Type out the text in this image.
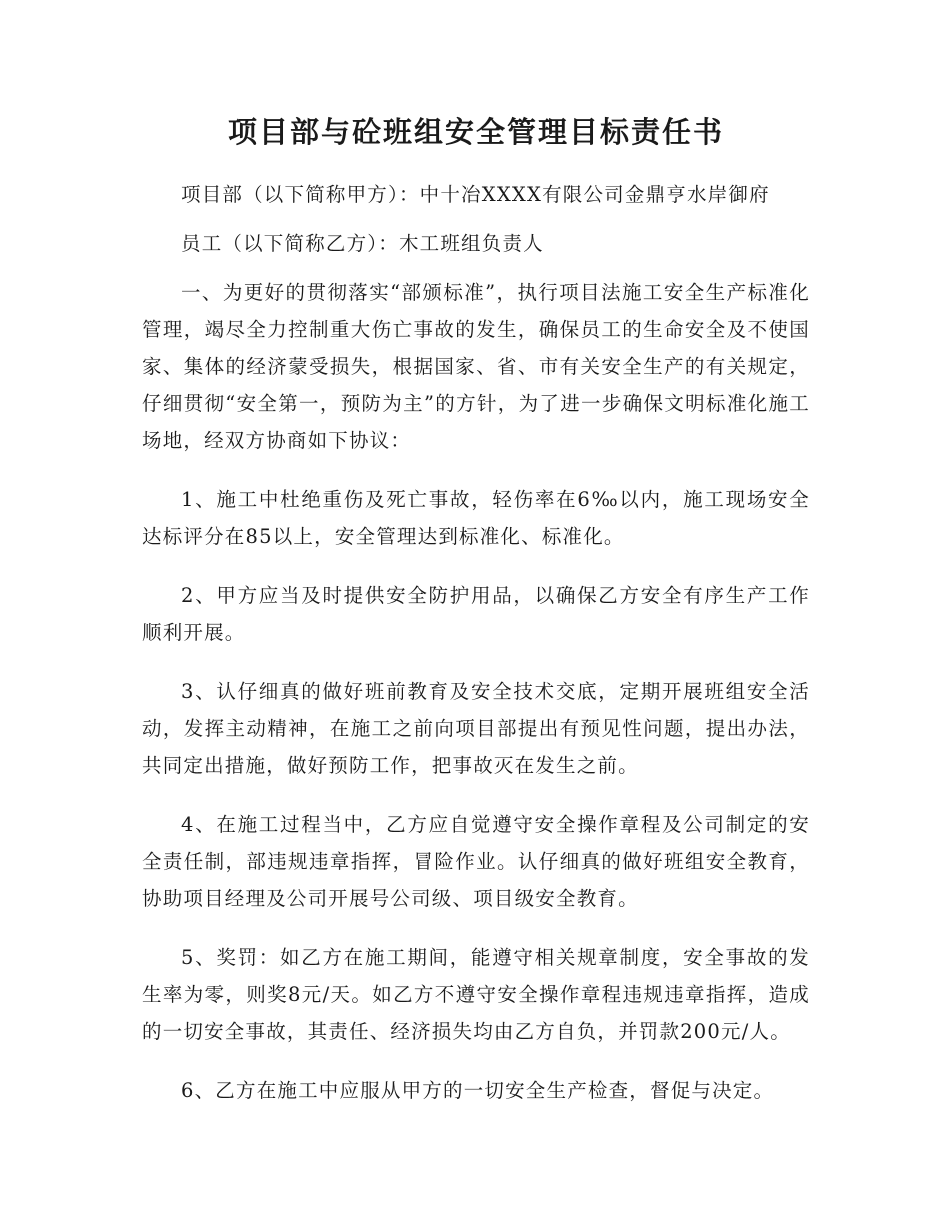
项目部与砼班组安全管理目标责任书

项目部（以下简称甲方）：中十冶XXXX有限公司金鼎亨水岸御府

员工（以下简称乙方）：木工班组负责人

一、为更好的贯彻落实“部颁标准”，执行项目法施工安全生产标准化管理，竭尽全力控制重大伤亡事故的发生，确保员工的生命安全及不使国家、集体的经济蒙受损失，根据国家、省、市有关安全生产的有关规定，仔细贯彻“安全第一，预防为主”的方针，为了进一步确保文明标准化施工场地，经双方协商如下协议：

1、施工中杜绝重伤及死亡事故，轻伤率在6‰以内，施工现场安全达标评分在85以上，安全管理达到标准化、标准化。

2、甲方应当及时提供安全防护用品，以确保乙方安全有序生产工作顺利开展。

3、认仔细真的做好班前教育及安全技术交底，定期开展班组安全活动，发挥主动精神，在施工之前向项目部提出有预见性问题，提出办法，共同定出措施，做好预防工作，把事故灭在发生之前。

4、在施工过程当中，乙方应自觉遵守安全操作章程及公司制定的安全责任制，部违规违章指挥，冒险作业。认仔细真的做好班组安全教育，协助项目经理及公司开展号公司级、项目级安全教育。

5、奖罚：如乙方在施工期间，能遵守相关规章制度，安全事故的发生率为零，则奖8元/天。如乙方不遵守安全操作章程违规违章指挥，造成的一切安全事故，其责任、经济损失均由乙方自负，并罚款200元/人。

6、乙方在施工中应服从甲方的一切安全生产检查，督促与决定。
